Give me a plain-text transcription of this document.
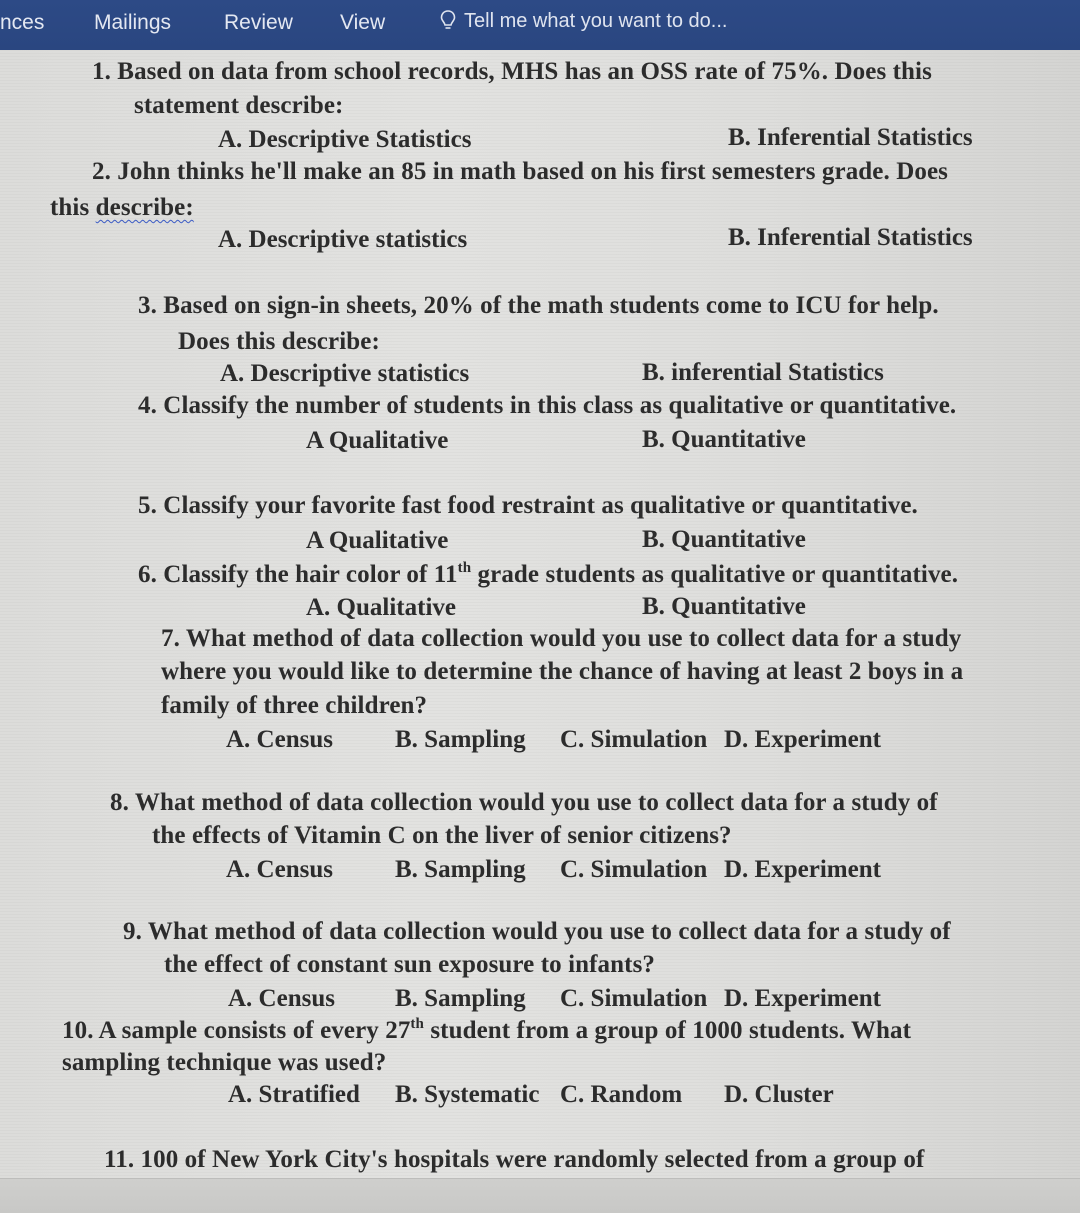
nces Mailings	Review View	Tell me what you want to do...
1. Based on data from school records, MHS has an OSS rate of 75%. Does this
statement describe:
A. Descriptive Statistics	B. Inferential Statistics
2. John thinks he'll make an 85 in math based on his first semesters grade. Does
this describe:
A. Descriptive statistics	B. Inferential Statistics
3. Based on sign-in sheets, 20% of the math students come to ICU for help.
Does this describe:
A. Descriptive statistics	B. inferential Statistics
4. Classify the number of students in this class as qualitative or quantitative.
A Qualitative	B. Quantitative
5. Classify your favorite fast food restraint as qualitative or quantitative.
A Qualitative	B. Quantitative
6. Classify the hair color of 11th grade students as qualitative or quantitative.
A. Qualitative	B. Quantitative
7. What method of data collection would you use to collect data for a study
where you would like to determine the chance of having at least 2 boys in a
family of three children?
A. Census B. Sampling C. Simulation D. Experiment
8. What method of data collection would you use to collect data for a study of
the effects of Vitamin C on the liver of senior citizens?
A. Census B. Sampling C. Simulation D. Experiment
9. What method of data collection would you use to collect data for a study of
the effect of constant sun exposure to infants?
A. Census B. Sampling C. Simulation D. Experiment
10. A sample consists of every 27th student from a group of 1000 students. What
sampling technique was used?
A. Stratified B. Systematic C. Random D. Cluster
11. 100 of New York City's hospitals were randomly selected from a group of
